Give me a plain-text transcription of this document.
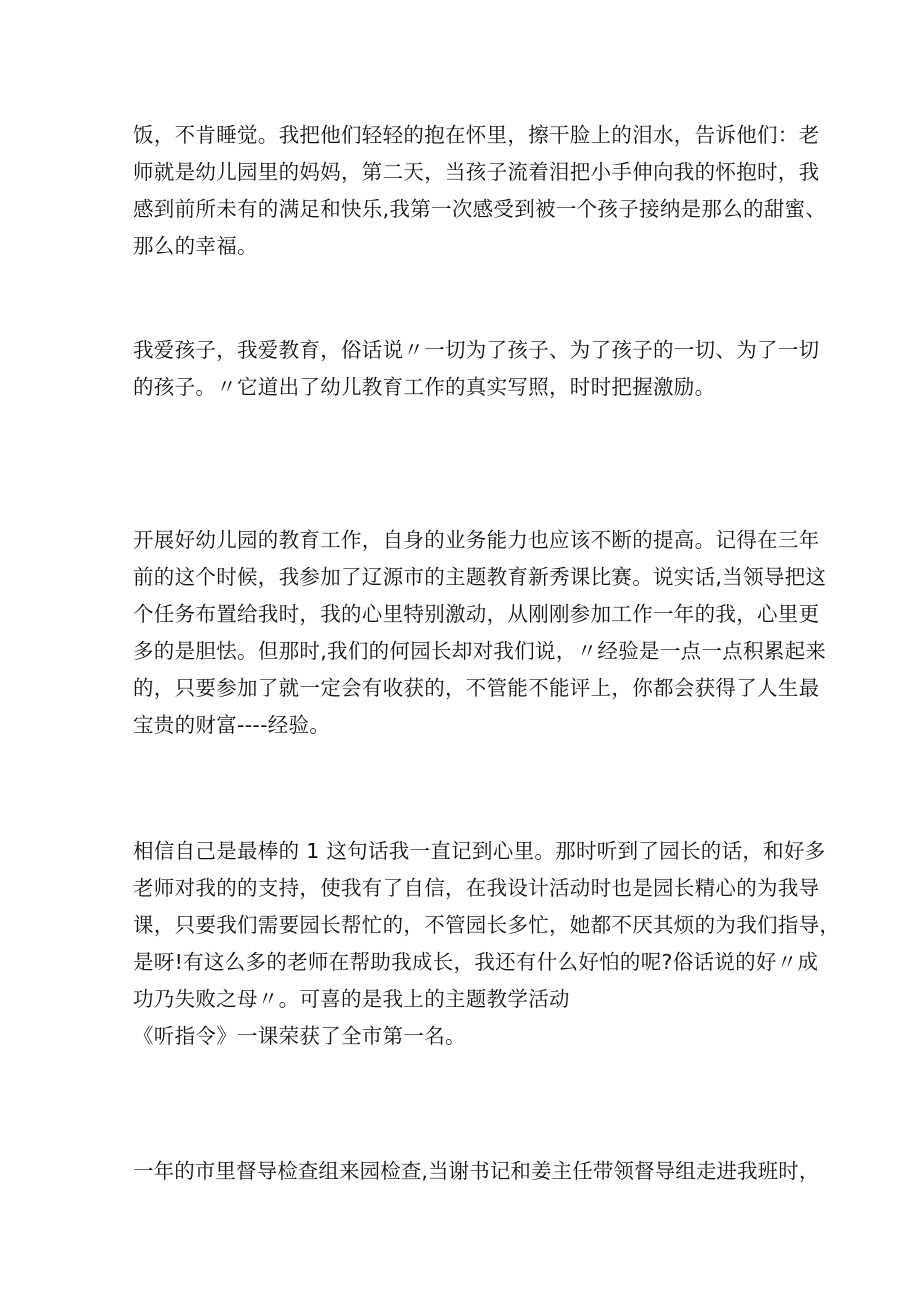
饭，不肯睡觉。我把他们轻轻的抱在怀里，擦干脸上的泪水，告诉他们：老
师就是幼儿园里的妈妈，第二天，当孩子流着泪把小手伸向我的怀抱时，我
感到前所未有的满足和快乐,我第一次感受到被一个孩子接纳是那么的甜蜜、
那么的幸福。

我爱孩子，我爱教育，俗话说〃一切为了孩子、为了孩子的一切、为了一切
的孩子。〃它道出了幼儿教育工作的真实写照，时时把握激励。

开展好幼儿园的教育工作，自身的业务能力也应该不断的提高。记得在三年
前的这个时候，我参加了辽源市的主题教育新秀课比赛。说实话,当领导把这
个任务布置给我时，我的心里特别激动，从刚刚参加工作一年的我，心里更
多的是胆怯。但那时,我们的何园长却对我们说，〃经验是一点一点积累起来
的，只要参加了就一定会有收获的，不管能不能评上，你都会获得了人生最
宝贵的财富----经验。

相信自己是最棒的 1 这句话我一直记到心里。那时听到了园长的话，和好多
老师对我的的支持，使我有了自信，在我设计活动时也是园长精心的为我导
课，只要我们需要园长帮忙的，不管园长多忙，她都不厌其烦的为我们指导，
是呀!有这么多的老师在帮助我成长，我还有什么好怕的呢?俗话说的好〃成
功乃失败之母〃。可喜的是我上的主题教学活动
《听指令》一课荣获了全市第一名。

一年的市里督导检查组来园检查,当谢书记和姜主任带领督导组走进我班时，
